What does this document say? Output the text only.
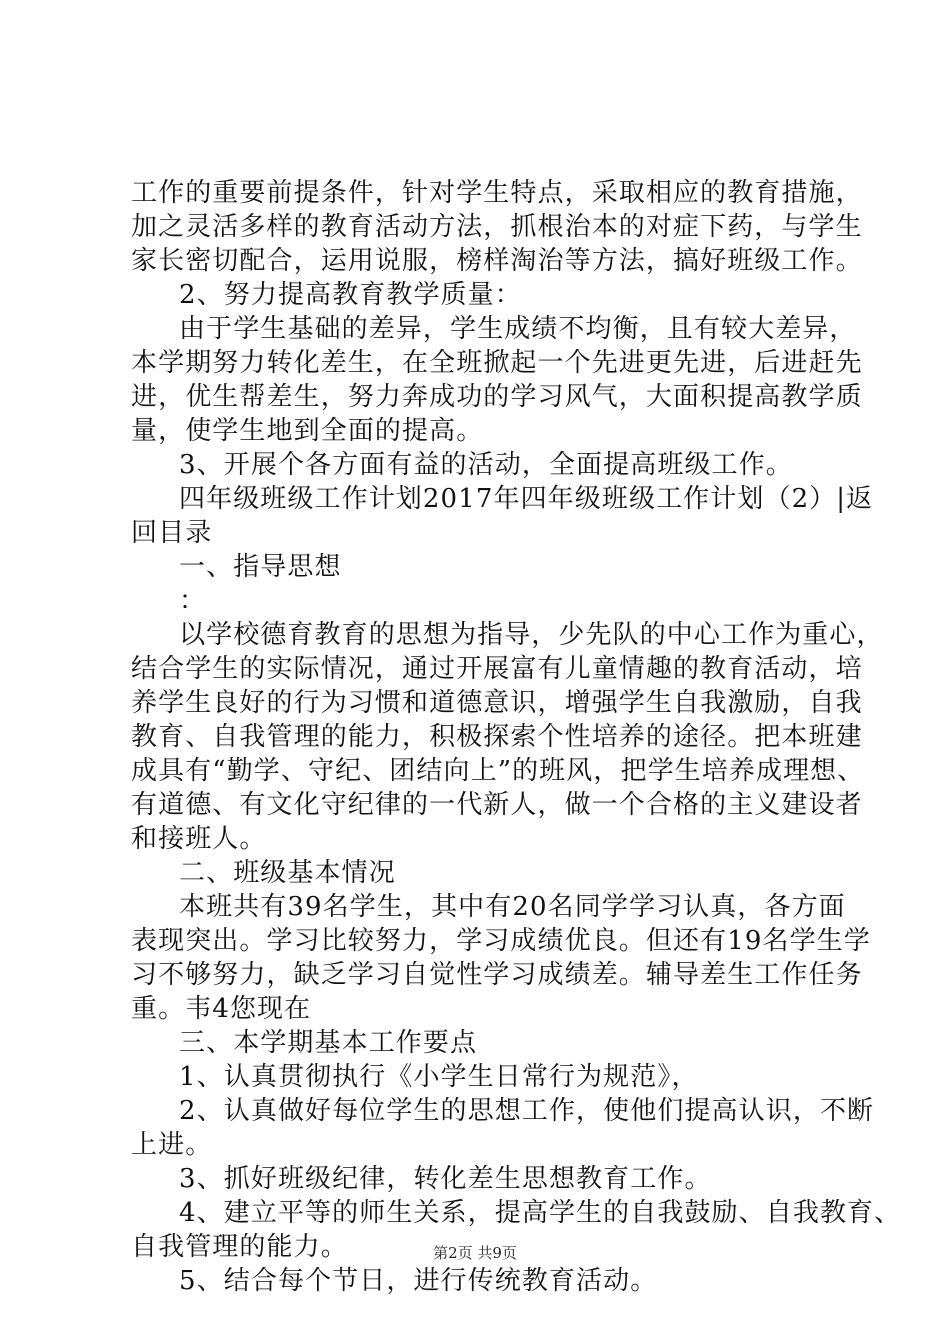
工作的重要前提条件，针对学生特点，采取相应的教育措施，
加之灵活多样的教育活动方法，抓根治本的对症下药，与学生
家长密切配合，运用说服，榜样淘治等方法，搞好班级工作。
2、努力提高教育教学质量：
由于学生基础的差异，学生成绩不均衡，且有较大差异，
本学期努力转化差生，在全班掀起一个先进更先进，后进赶先
进，优生帮差生，努力奔成功的学习风气，大面积提高教学质
量，使学生地到全面的提高。
3、开展个各方面有益的活动，全面提高班级工作。
四年级班级工作计划2017年四年级班级工作计划（2）|返
回目录
一、指导思想
：
以学校德育教育的思想为指导，少先队的中心工作为重心，
结合学生的实际情况，通过开展富有儿童情趣的教育活动，培
养学生良好的行为习惯和道德意识，增强学生自我激励，自我
教育、自我管理的能力，积极探索个性培养的途径。把本班建
成具有“勤学、守纪、团结向上”的班风，把学生培养成理想、
有道德、有文化守纪律的一代新人，做一个合格的主义建设者
和接班人。
二、班级基本情况
本班共有39名学生，其中有20名同学学习认真，各方面
表现突出。学习比较努力，学习成绩优良。但还有19名学生学
习不够努力，缺乏学习自觉性学习成绩差。辅导差生工作任务
重。韦4您现在
三、本学期基本工作要点
1、认真贯彻执行《小学生日常行为规范》，
2、认真做好每位学生的思想工作，使他们提高认识，不断
上进。
3、抓好班级纪律，转化差生思想教育工作。
4、建立平等的师生关系，提高学生的自我鼓励、自我教育、
自我管理的能力。
5、结合每个节日，进行传统教育活动。
第2页 共9页
